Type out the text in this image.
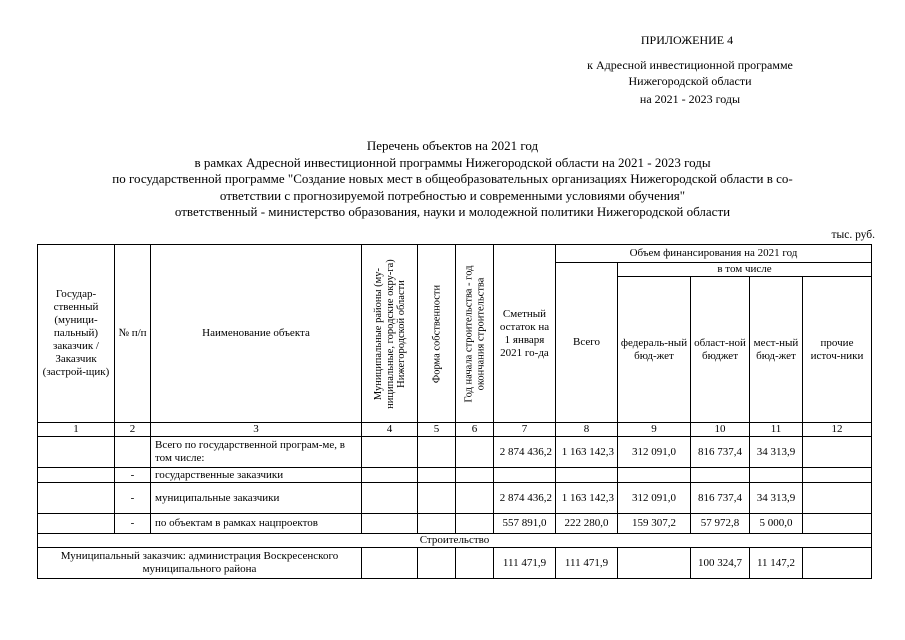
ПРИЛОЖЕНИЕ 4
к Адресной инвестиционной программе
Нижегородской области
на 2021 - 2023 годы
Перечень объектов на 2021 год
в рамках Адресной инвестиционной программы Нижегородской области на 2021 - 2023 годы
по государственной программе "Создание новых мест в общеобразовательных организациях Нижегородской области в со-
ответствии с прогнозируемой потребностью и современными условиями обучения"
ответственный - министерство образования, науки и молодежной политики Нижегородской области
тыс. руб.
Государ-ственный (муници-пальный) заказчик / Заказчик (застрой-щик)	№ п/п	Наименование объекта	Муниципальные районы (му-ниципальные, городские окру-га) Нижегородской области	Форма собственности	Год начала строительства - год окончания строительства	Сметный остаток на 1 января 2021 го-да	Объем финансирования на 2021 год				
							Всего	в том числе			
								федераль-ный бюд-жет	област-ной бюджет	мест-ный бюд-жет	прочие источ-ники
1	2	3	4	5	6	7	8	9	10	11	12
		Всего по государственной програм-ме, в том числе:				2 874 436,2	1 163 142,3	312 091,0	816 737,4	34 313,9	
	-	государственные заказчики									
	-	муниципальные заказчики				2 874 436,2	1 163 142,3	312 091,0	816 737,4	34 313,9	
	-	по объектам в рамках нацпроектов				557 891,0	222 280,0	159 307,2	57 972,8	5 000,0	
Строительство											
Муниципальный заказчик: администрация Воскресенского муниципального района						111 471,9	111 471,9		100 324,7	11 147,2	
